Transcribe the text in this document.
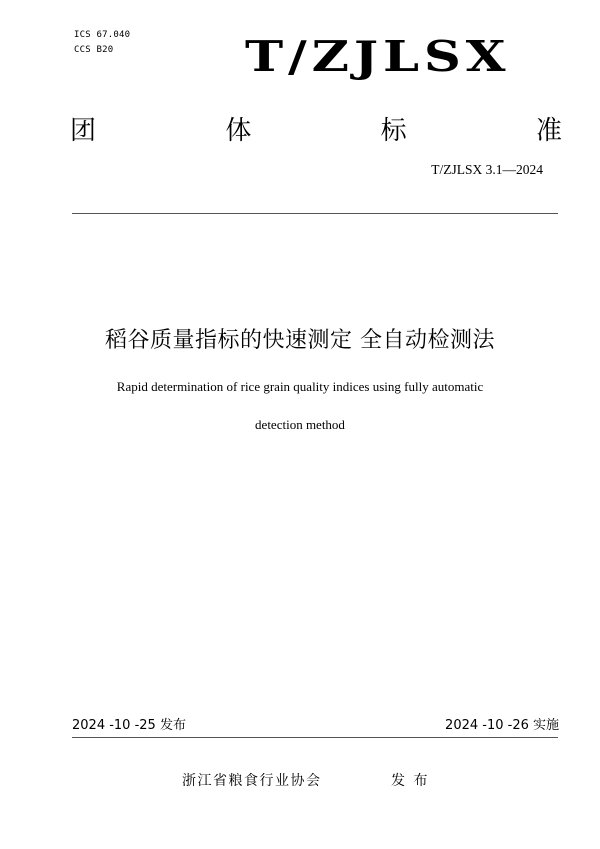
ICS 67.040
CCS B20	T/ZJLSX
团	体	标	准
T/ZJLSX 3.1—2024
稻谷质量指标的快速测定 全自动检测法
Rapid determination of rice grain quality indices using fully automatic
detection method
2024 -10 -25 发布	2024 -10 -26 实施
浙江省粮食行业协会	发 布
